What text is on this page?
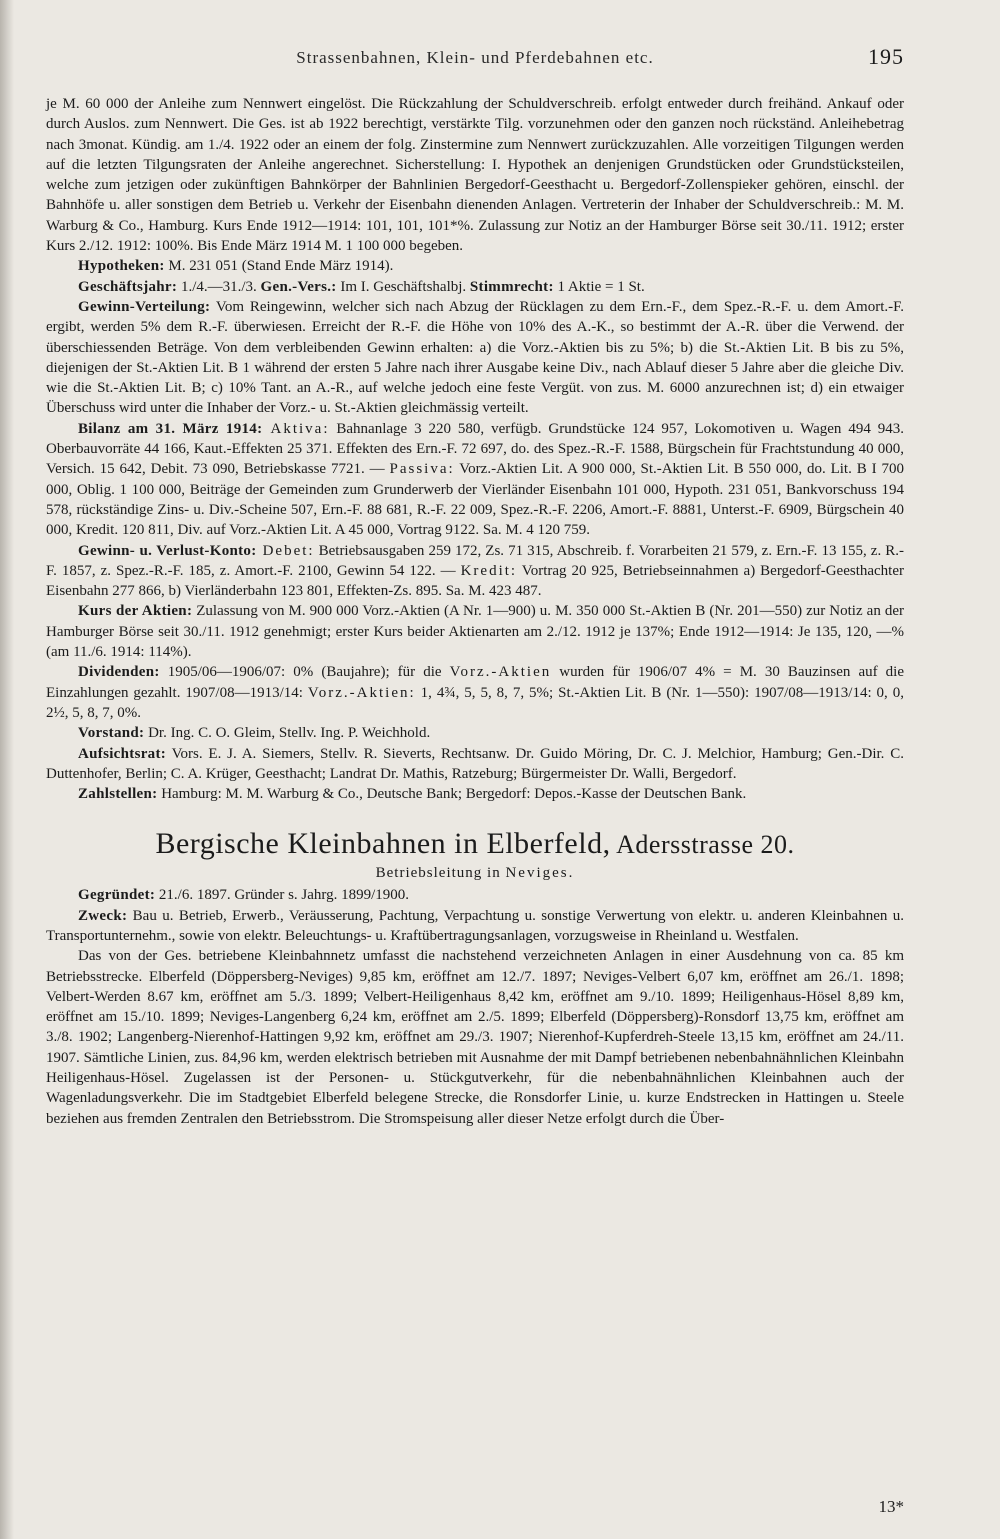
Strassenbahnen, Klein- und Pferdebahnen etc.	195

je M. 60 000 der Anleihe zum Nennwert eingelöst. Die Rückzahlung der Schuldverschreib. erfolgt entweder durch freihänd. Ankauf oder durch Auslos. zum Nennwert. Die Ges. ist ab 1922 berechtigt, verstärkte Tilg. vorzunehmen oder den ganzen noch rückständ. Anleihebetrag nach 3monat. Kündig. am 1./4. 1922 oder an einem der folg. Zinstermine zum Nennwert zurückzuzahlen. Alle vorzeitigen Tilgungen werden auf die letzten Tilgungsraten der Anleihe angerechnet. Sicherstellung: I. Hypothek an denjenigen Grundstücken oder Grundstücksteilen, welche zum jetzigen oder zukünftigen Bahnkörper der Bahnlinien Bergedorf-Geesthacht u. Bergedorf-Zollenspieker gehören, einschl. der Bahnhöfe u. aller sonstigen dem Betrieb u. Verkehr der Eisenbahn dienenden Anlagen. Vertreterin der Inhaber der Schuldverschreib.: M. M. Warburg & Co., Hamburg. Kurs Ende 1912—1914: 101, 101, 101*%. Zulassung zur Notiz an der Hamburger Börse seit 30./11. 1912; erster Kurs 2./12. 1912: 100%. Bis Ende März 1914 M. 1 100 000 begeben.

Hypotheken: M. 231 051 (Stand Ende März 1914).

Geschäftsjahr: 1./4.—31./3. Gen.-Vers.: Im I. Geschäftshalbj. Stimmrecht: 1 Aktie = 1 St.

Gewinn-Verteilung: Vom Reingewinn, welcher sich nach Abzug der Rücklagen zu dem Ern.-F., dem Spez.-R.-F. u. dem Amort.-F. ergibt, werden 5% dem R.-F. überwiesen. Erreicht der R.-F. die Höhe von 10% des A.-K., so bestimmt der A.-R. über die Verwend. der überschiessenden Beträge. Von dem verbleibenden Gewinn erhalten: a) die Vorz.-Aktien bis zu 5%; b) die St.-Aktien Lit. B bis zu 5%, diejenigen der St.-Aktien Lit. B 1 während der ersten 5 Jahre nach ihrer Ausgabe keine Div., nach Ablauf dieser 5 Jahre aber die gleiche Div. wie die St.-Aktien Lit. B; c) 10% Tant. an A.-R., auf welche jedoch eine feste Vergüt. von zus. M. 6000 anzurechnen ist; d) ein etwaiger Überschuss wird unter die Inhaber der Vorz.- u. St.-Aktien gleichmässig verteilt.

Bilanz am 31. März 1914: Aktiva: Bahnanlage 3 220 580, verfügb. Grundstücke 124 957, Lokomotiven u. Wagen 494 943. Oberbauvorräte 44 166, Kaut.-Effekten 25 371. Effekten des Ern.-F. 72 697, do. des Spez.-R.-F. 1588, Bürgschein für Frachtstundung 40 000, Versich. 15 642, Debit. 73 090, Betriebskasse 7721. — Passiva: Vorz.-Aktien Lit. A 900 000, St.-Aktien Lit. B 550 000, do. Lit. B I 700 000, Oblig. 1 100 000, Beiträge der Gemeinden zum Grunderwerb der Vierländer Eisenbahn 101 000, Hypoth. 231 051, Bankvorschuss 194 578, rückständige Zins- u. Div.-Scheine 507, Ern.-F. 88 681, R.-F. 22 009, Spez.-R.-F. 2206, Amort.-F. 8881, Unterst.-F. 6909, Bürgschein 40 000, Kredit. 120 811, Div. auf Vorz.-Aktien Lit. A 45 000, Vortrag 9122. Sa. M. 4 120 759.

Gewinn- u. Verlust-Konto: Debet: Betriebsausgaben 259 172, Zs. 71 315, Abschreib. f. Vorarbeiten 21 579, z. Ern.-F. 13 155, z. R.-F. 1857, z. Spez.-R.-F. 185, z. Amort.-F. 2100, Gewinn 54 122. — Kredit: Vortrag 20 925, Betriebseinnahmen a) Bergedorf-Geesthachter Eisenbahn 277 866, b) Vierländerbahn 123 801, Effekten-Zs. 895. Sa. M. 423 487.

Kurs der Aktien: Zulassung von M. 900 000 Vorz.-Aktien (A Nr. 1—900) u. M. 350 000 St.-Aktien B (Nr. 201—550) zur Notiz an der Hamburger Börse seit 30./11. 1912 genehmigt; erster Kurs beider Aktienarten am 2./12. 1912 je 137%; Ende 1912—1914: Je 135, 120, —% (am 11./6. 1914: 114%).

Dividenden: 1905/06—1906/07: 0% (Baujahre); für die Vorz.-Aktien wurden für 1906/07 4% = M. 30 Bauzinsen auf die Einzahlungen gezahlt. 1907/08—1913/14: Vorz.-Aktien: 1, 4¾, 5, 5, 8, 7, 5%; St.-Aktien Lit. B (Nr. 1—550): 1907/08—1913/14: 0, 0, 2½, 5, 8, 7, 0%.

Vorstand: Dr. Ing. C. O. Gleim, Stellv. Ing. P. Weichhold.

Aufsichtsrat: Vors. E. J. A. Siemers, Stellv. R. Sieverts, Rechtsanw. Dr. Guido Möring, Dr. C. J. Melchior, Hamburg; Gen.-Dir. C. Duttenhofer, Berlin; C. A. Krüger, Geesthacht; Landrat Dr. Mathis, Ratzeburg; Bürgermeister Dr. Walli, Bergedorf.

Zahlstellen: Hamburg: M. M. Warburg & Co., Deutsche Bank; Bergedorf: Depos.-Kasse der Deutschen Bank.

Bergische Kleinbahnen in Elberfeld, Adersstrasse 20.
Betriebsleitung in Neviges.

Gegründet: 21./6. 1897. Gründer s. Jahrg. 1899/1900.

Zweck: Bau u. Betrieb, Erwerb., Veräusserung, Pachtung, Verpachtung u. sonstige Verwertung von elektr. u. anderen Kleinbahnen u. Transportunternehm., sowie von elektr. Beleuchtungs- u. Kraftübertragungsanlagen, vorzugsweise in Rheinland u. Westfalen.

Das von der Ges. betriebene Kleinbahnnetz umfasst die nachstehend verzeichneten Anlagen in einer Ausdehnung von ca. 85 km Betriebsstrecke. Elberfeld (Döppersberg-Neviges) 9,85 km, eröffnet am 12./7. 1897; Neviges-Velbert 6,07 km, eröffnet am 26./1. 1898; Velbert-Werden 8.67 km, eröffnet am 5./3. 1899; Velbert-Heiligenhaus 8,42 km, eröffnet am 9./10. 1899; Heiligenhaus-Hösel 8,89 km, eröffnet am 15./10. 1899; Neviges-Langenberg 6,24 km, eröffnet am 2./5. 1899; Elberfeld (Döppersberg)-Ronsdorf 13,75 km, eröffnet am 3./8. 1902; Langenberg-Nierenhof-Hattingen 9,92 km, eröffnet am 29./3. 1907; Nierenhof-Kupferdreh-Steele 13,15 km, eröffnet am 24./11. 1907. Sämtliche Linien, zus. 84,96 km, werden elektrisch betrieben mit Ausnahme der mit Dampf betriebenen nebenbahnähnlichen Kleinbahn Heiligenhaus-Hösel. Zugelassen ist der Personen- u. Stückgutverkehr, für die nebenbahnähnlichen Kleinbahnen auch der Wagenladungsverkehr. Die im Stadtgebiet Elberfeld belegene Strecke, die Ronsdorfer Linie, u. kurze Endstrecken in Hattingen u. Steele beziehen aus fremden Zentralen den Betriebsstrom. Die Stromspeisung aller dieser Netze erfolgt durch die Über-

13*
